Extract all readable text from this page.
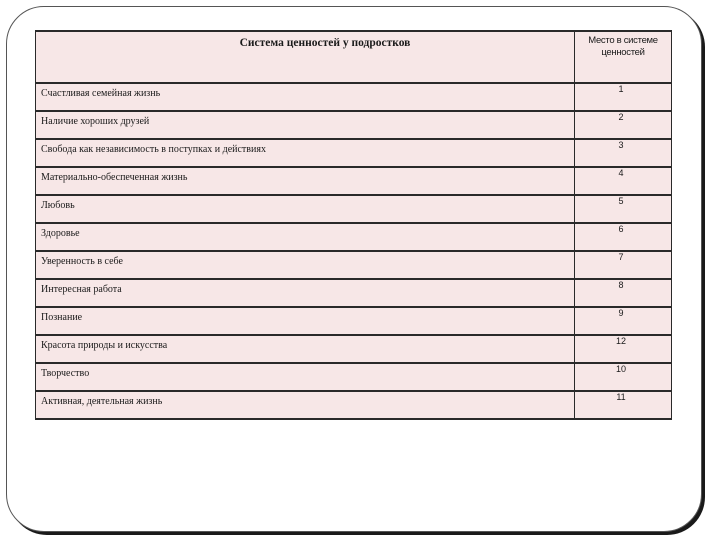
Система ценностей у подростков	Место в системе ценностей

Счастливая семейная жизнь	1

Наличие хороших друзей	2

Свобода как независимость в поступках и действиях	3

Материально-обеспеченная жизнь	4

Любовь	5

Здоровье	6

Уверенность в себе	7

Интересная работа	8

Познание	9

Красота природы и искусства	12

Творчество	10

Активная, деятельная жизнь	11
